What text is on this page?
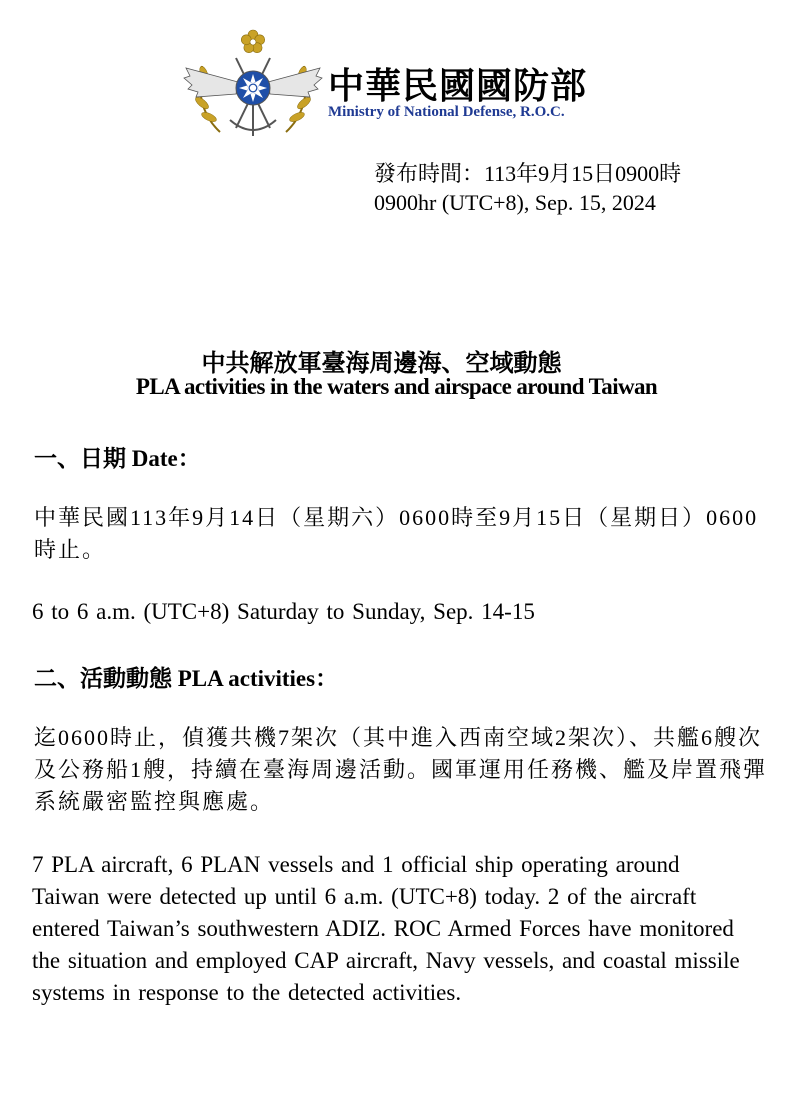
中華民國國防部
Ministry of National Defense, R.O.C.
發布時間：113年9月15日0900時
0900hr (UTC+8), Sep. 15, 2024
中共解放軍臺海周邊海、空域動態
PLA activities in the waters and airspace around Taiwan
一、日期 Date：
中華民國113年9月14日（星期六）0600時至9月15日（星期日）0600時止。
6 to 6 a.m. (UTC+8) Saturday to Sunday, Sep. 14-15
二、活動動態 PLA activities：
迄0600時止，偵獲共機7架次（其中進入西南空域2架次）、共艦6艘次及公務船1艘，持續在臺海周邊活動。國軍運用任務機、艦及岸置飛彈系統嚴密監控與應處。
7 PLA aircraft, 6 PLAN vessels and 1 official ship operating around Taiwan were detected up until 6 a.m. (UTC+8) today. 2 of the aircraft entered Taiwan’s southwestern ADIZ. ROC Armed Forces have monitored the situation and employed CAP aircraft, Navy vessels, and coastal missile systems in response to the detected activities.
